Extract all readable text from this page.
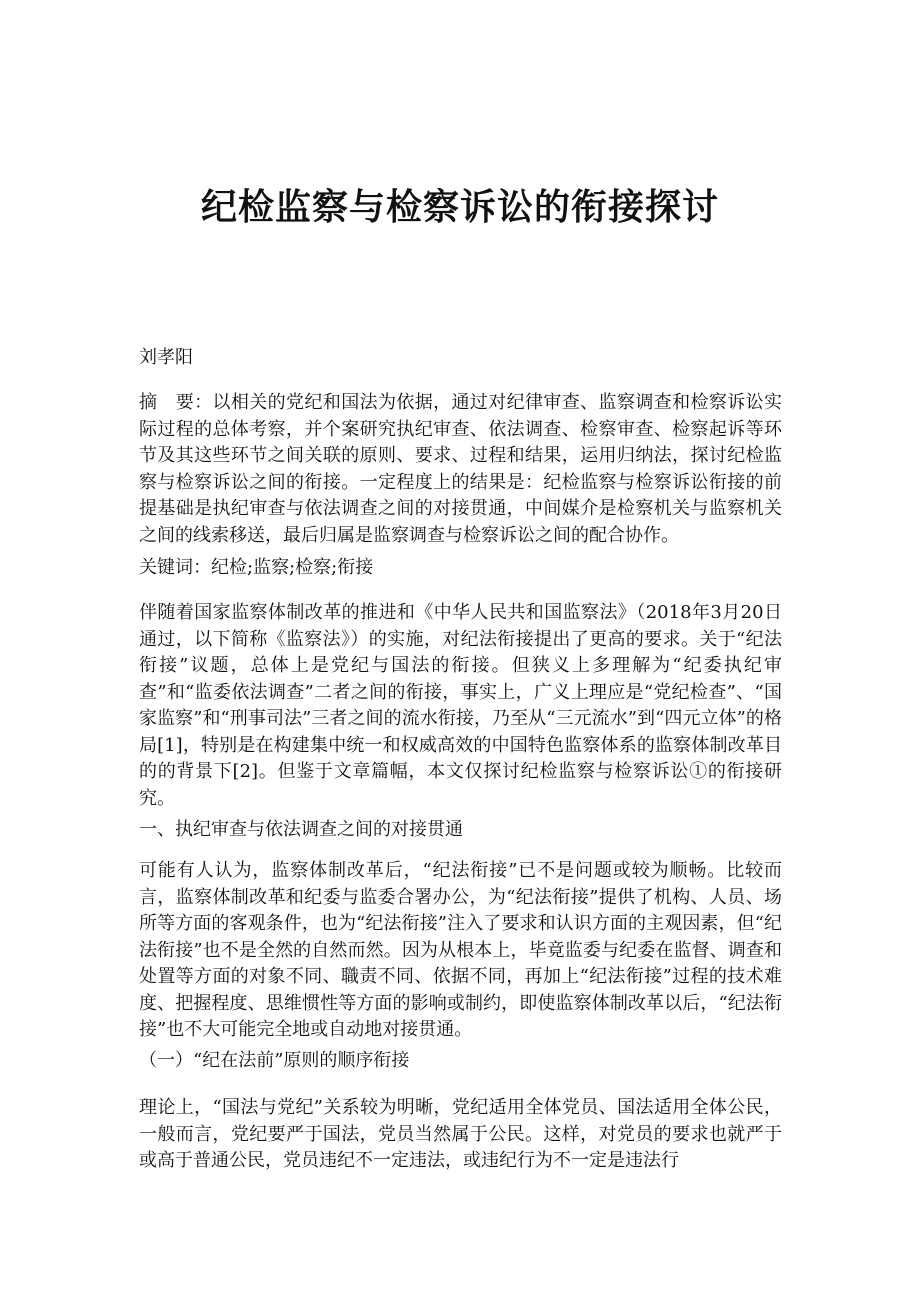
纪检监察与检察诉讼的衔接探讨

刘孝阳

摘　要：以相关的党纪和国法为依据，通过对纪律审查、监察调查和检察诉讼实际过程的总体考察，并个案研究执纪审查、依法调查、检察审查、检察起诉等环节及其这些环节之间关联的原则、要求、过程和结果，运用归纳法，探讨纪检监察与检察诉讼之间的衔接。一定程度上的结果是：纪检监察与检察诉讼衔接的前提基础是执纪审查与依法调查之间的对接贯通，中间媒介是检察机关与监察机关之间的线索移送，最后归属是监察调查与检察诉讼之间的配合协作。

关键词：纪检;监察;检察;衔接

伴随着国家监察体制改革的推进和《中华人民共和国监察法》（2018年3月20日通过，以下简称《监察法》）的实施，对纪法衔接提出了更高的要求。关于“纪法衔接”议题，总体上是党纪与国法的衔接。但狭义上多理解为“纪委执纪审查”和“监委依法调查”二者之间的衔接，事实上，广义上理应是“党纪检查”、“国家监察”和“刑事司法”三者之间的流水衔接，乃至从“三元流水”到“四元立体”的格局[1]，特别是在构建集中统一和权威高效的中国特色监察体系的监察体制改革目的的背景下[2]。但鉴于文章篇幅，本文仅探讨纪检监察与检察诉讼①的衔接研究。

一、执纪审查与依法调查之间的对接贯通

可能有人认为，监察体制改革后，“纪法衔接”已不是问题或较为顺畅。比较而言，监察体制改革和纪委与监委合署办公，为“纪法衔接”提供了机构、人员、场所等方面的客观条件，也为“纪法衔接”注入了要求和认识方面的主观因素，但“纪法衔接”也不是全然的自然而然。因为从根本上，毕竟监委与纪委在监督、调查和处置等方面的对象不同、職责不同、依据不同，再加上“纪法衔接”过程的技术难度、把握程度、思维惯性等方面的影响或制约，即使监察体制改革以后，“纪法衔接”也不大可能完全地或自动地对接贯通。

（一）“纪在法前”原则的顺序衔接

理论上，“国法与党纪”关系较为明晰，党纪适用全体党员、国法适用全体公民，一般而言，党纪要严于国法，党员当然属于公民。这样，对党员的要求也就严于或高于普通公民，党员违纪不一定违法，或违纪行为不一定是违法行
